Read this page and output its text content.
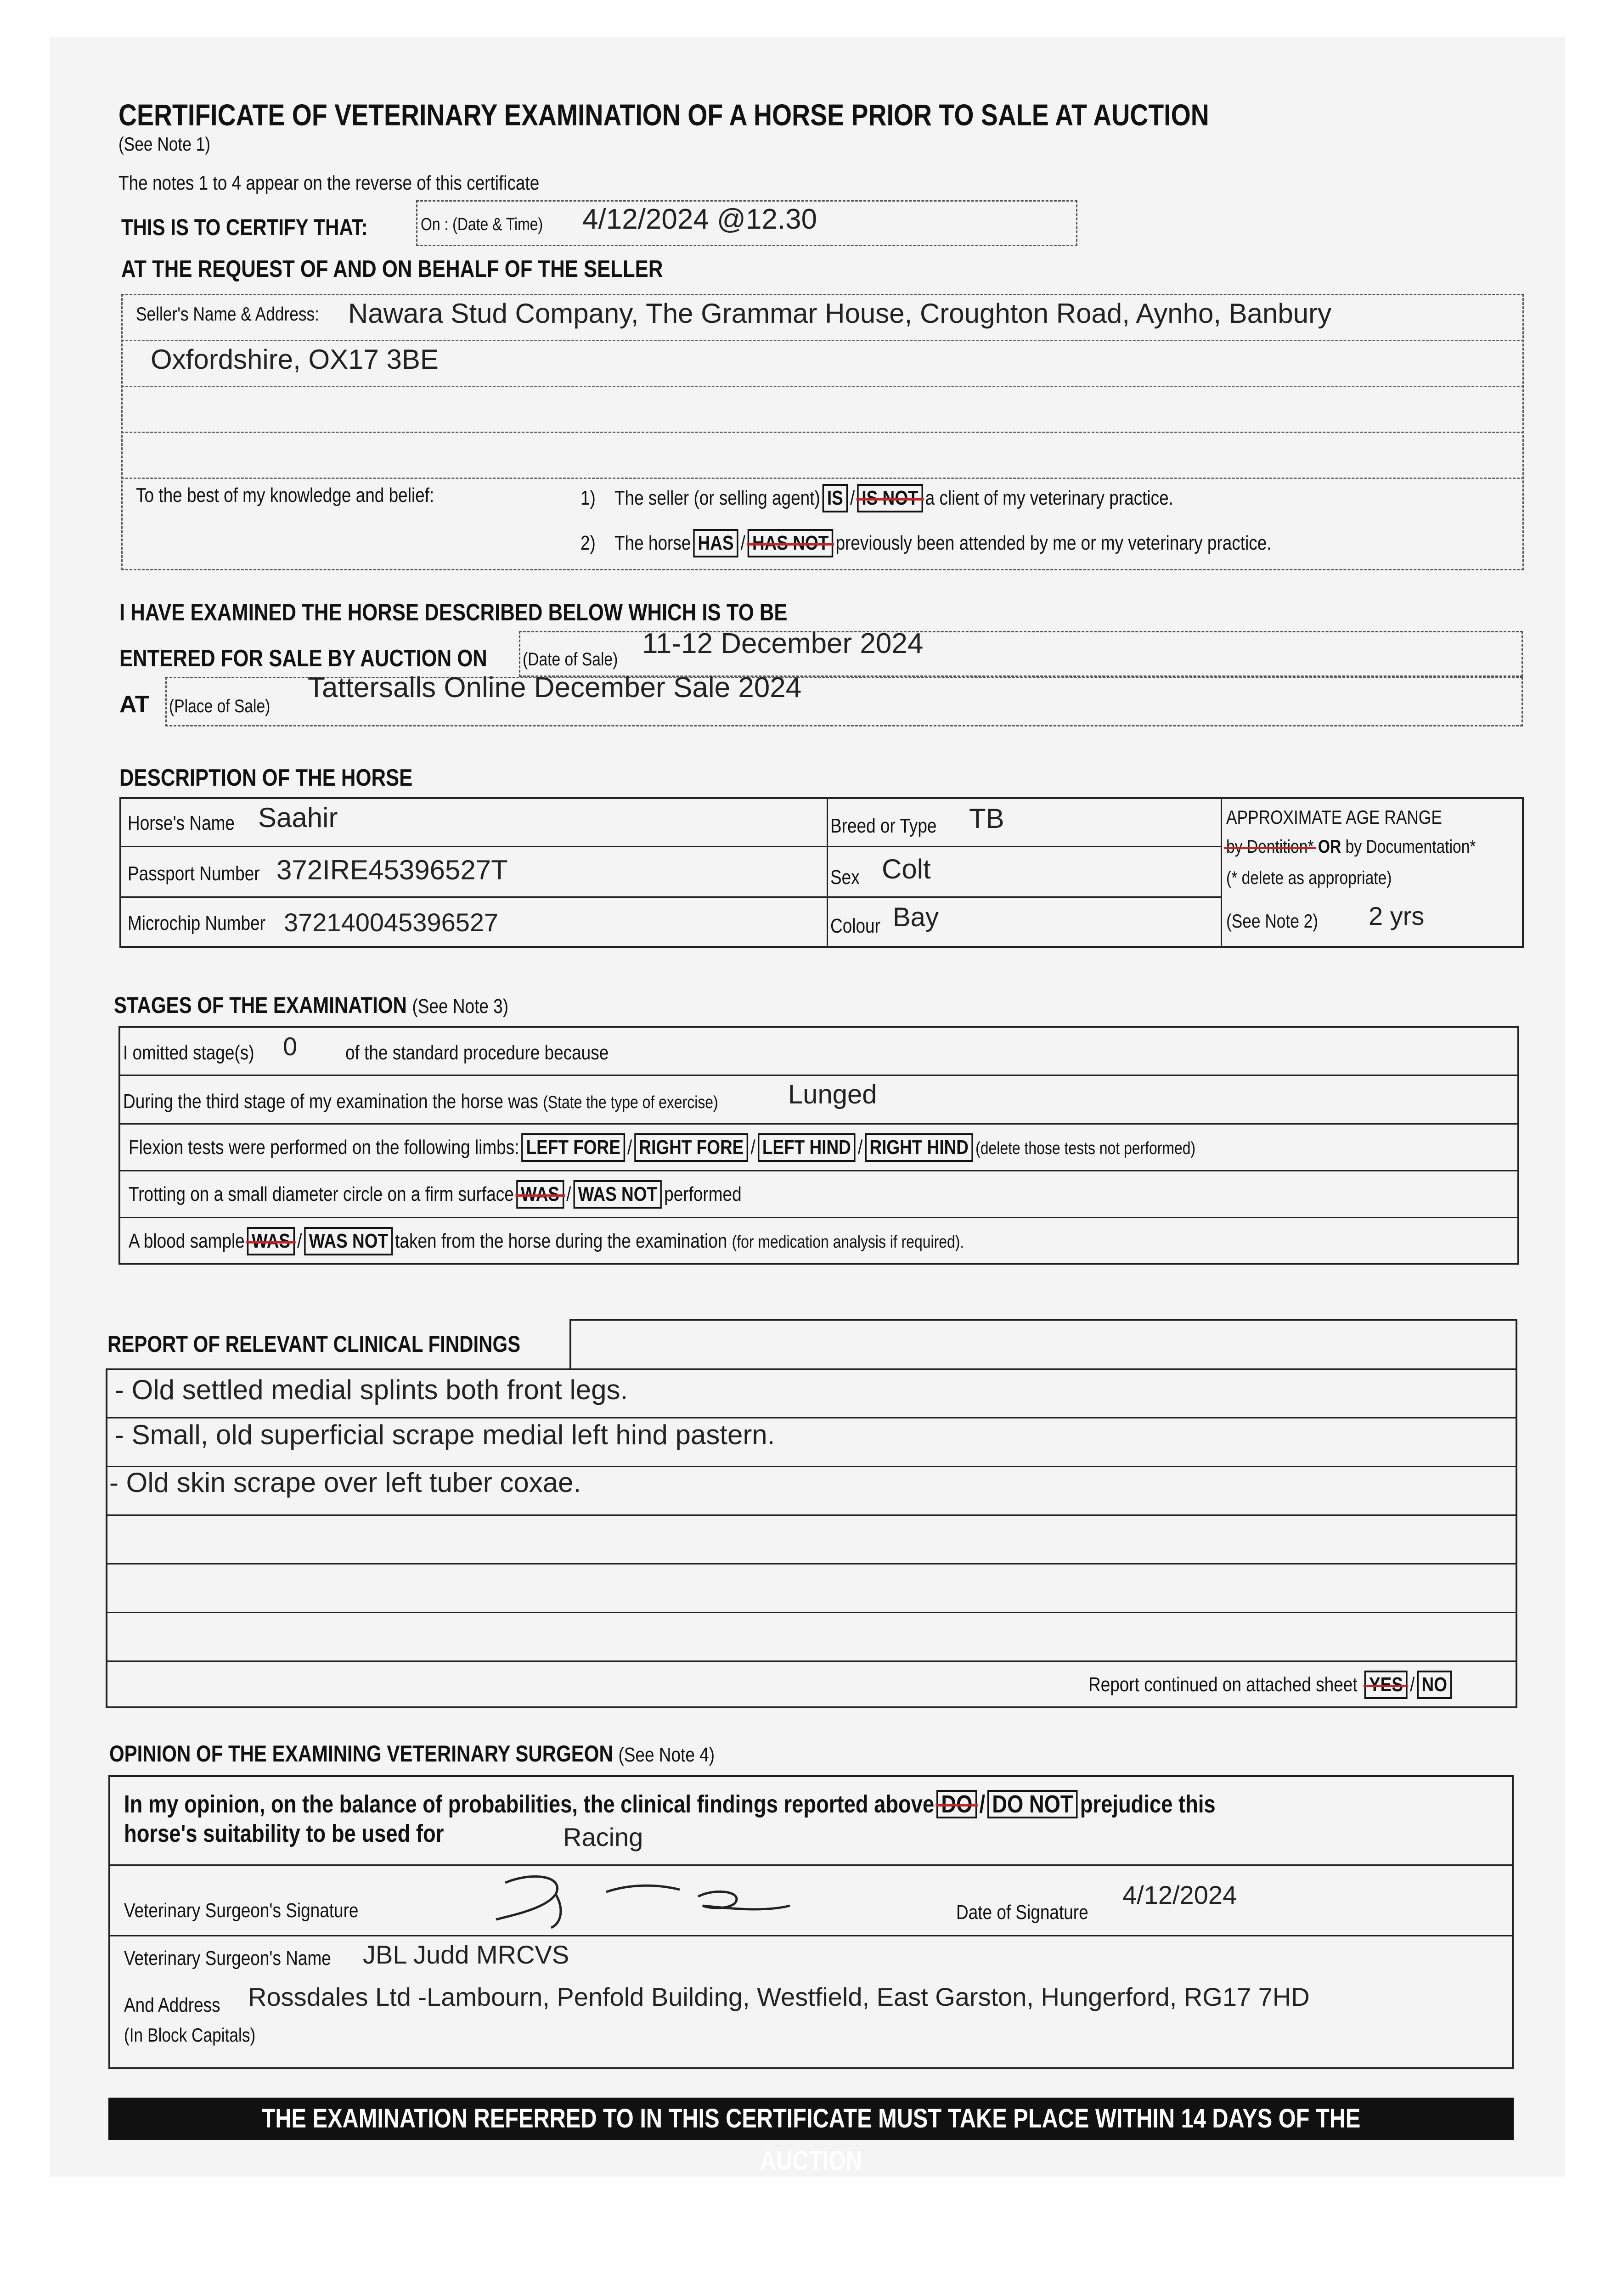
CERTIFICATE OF VETERINARY EXAMINATION OF A HORSE PRIOR TO SALE AT AUCTION
(See Note 1)
The notes 1 to 4 appear on the reverse of this certificate
THIS IS TO CERTIFY THAT:	On : (Date & Time)	4/12/2024 @12.30
AT THE REQUEST OF AND ON BEHALF OF THE SELLER
Seller's Name & Address:	Nawara Stud Company, The Grammar House, Croughton Road, Aynho, Banbury
Oxfordshire, OX17 3BE
To the best of my knowledge and belief:	1) The seller (or selling agent) IS / IS NOT a client of my veterinary practice.
2) The horse HAS / HAS NOT previously been attended by me or my veterinary practice.
I HAVE EXAMINED THE HORSE DESCRIBED BELOW WHICH IS TO BE
ENTERED FOR SALE BY AUCTION ON	(Date of Sale) 11-12 December 2024
AT (Place of Sale)
Tattersalls Online December Sale 2024
DESCRIPTION OF THE HORSE
Horse's Name Saahir
Passport Number 372IRE45396527T
Microchip Number 372140045396527
Breed or Type	TB
Sex Colt
Colour Bay
APPROXIMATE AGE RANGE
by Dentition* OR by Documentation*
(* delete as appropriate)
(See Note 2)	2 yrs
STAGES OF THE EXAMINATION (See Note 3)
I omitted stage(s)	0 of the standard procedure because
During the third stage of my examination the horse was (State the type of exercise)	Lunged
Flexion tests were performed on the following limbs: LEFT FORE / RIGHT FORE / LEFT HIND / RIGHT HIND (delete those tests not performed)
Trotting on a small diameter circle on a firm surface WAS / WAS NOT performed
A blood sample WAS / WAS NOT taken from the horse during the examination (for medication analysis if required).
REPORT OF RELEVANT CLINICAL FINDINGS
- Old settled medial splints both front legs.
- Small, old superficial scrape medial left hind pastern.
- Old skin scrape over left tuber coxae.
Report continued on attached sheet YES / NO
OPINION OF THE EXAMINING VETERINARY SURGEON (See Note 4)
In my opinion, on the balance of probabilities, the clinical findings reported above DO / DO NOT prejudice this
horse's suitability to be used for	Racing
Veterinary Surgeon's Signature	Date of Signature
4/12/2024
Veterinary Surgeon's Name	JBL Judd MRCVS
And Address	Rossdales Ltd -Lambourn, Penfold Building, Westfield, East Garston, Hungerford, RG17 7HD
(In Block Capitals)
THE EXAMINATION REFERRED TO IN THIS CERTIFICATE MUST TAKE PLACE WITHIN 14 DAYS OF THE AUCTION
